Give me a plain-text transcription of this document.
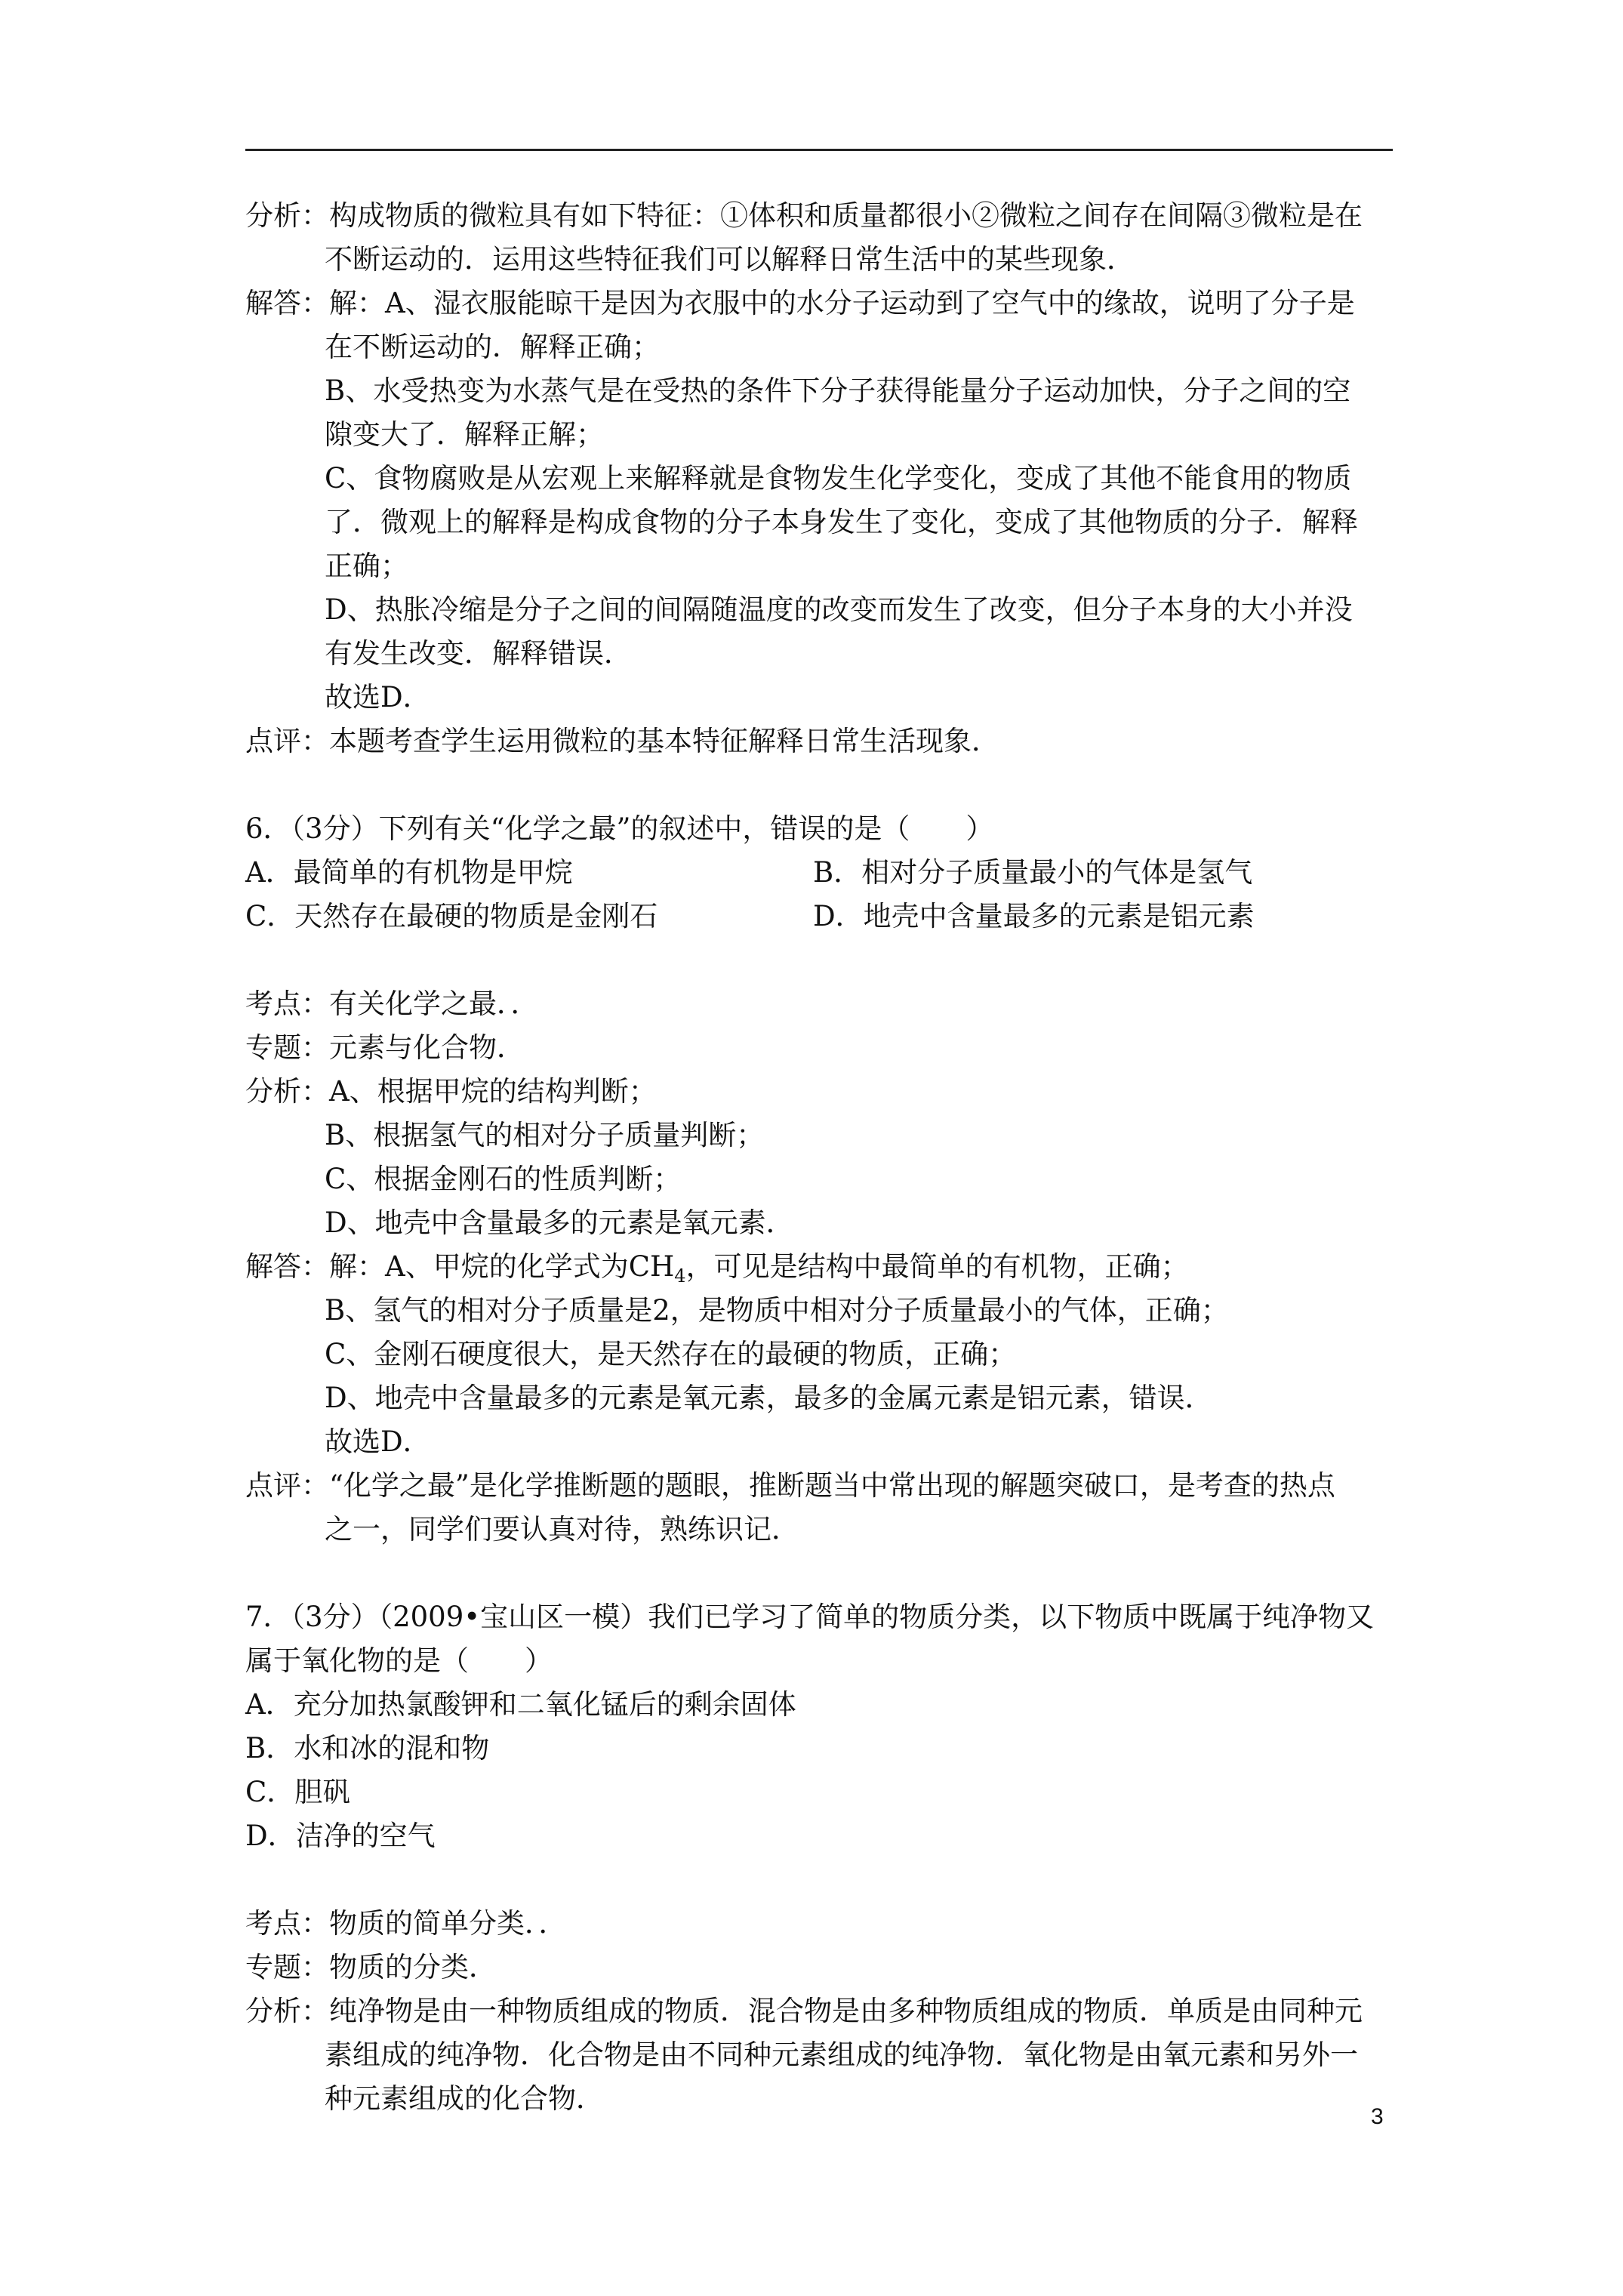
分析：构成物质的微粒具有如下特征：①体积和质量都很小②微粒之间存在间隔③微粒是在
不断运动的．运用这些特征我们可以解释日常生活中的某些现象．
解答：解：A、湿衣服能晾干是因为衣服中的水分子运动到了空气中的缘故，说明了分子是
在不断运动的．解释正确；
B、水受热变为水蒸气是在受热的条件下分子获得能量分子运动加快，分子之间的空
隙变大了．解释正解；
C、食物腐败是从宏观上来解释就是食物发生化学变化，变成了其他不能食用的物质
了．微观上的解释是构成食物的分子本身发生了变化，变成了其他物质的分子．解释
正确；
D、热胀冷缩是分子之间的间隔随温度的改变而发生了改变，但分子本身的大小并没
有发生改变．解释错误．
故选D．
点评：本题考查学生运用微粒的基本特征解释日常生活现象．
6．（3分）下列有关“化学之最”的叙述中，错误的是（　　）
A．最简单的有机物是甲烷	B．相对分子质量最小的气体是氢气
C．天然存在最硬的物质是金刚石	D．地壳中含量最多的元素是铝元素
考点：有关化学之最．．
专题：元素与化合物．
分析：A、根据甲烷的结构判断；
B、根据氢气的相对分子质量判断；
C、根据金刚石的性质判断；
D、地壳中含量最多的元素是氧元素．
解答：解：A、甲烷的化学式为$CH_4$，可见是结构中最简单的有机物，正确；
B、氢气的相对分子质量是2，是物质中相对分子质量最小的气体，正确；
C、金刚石硬度很大，是天然存在的最硬的物质，正确；
D、地壳中含量最多的元素是氧元素，最多的金属元素是铝元素，错误．
故选D．
点评：“化学之最”是化学推断题的题眼，推断题当中常出现的解题突破口，是考查的热点
之一，同学们要认真对待，熟练识记．
7．（3分）（2009•宝山区一模）我们已学习了简单的物质分类，以下物质中既属于纯净物又
属于氧化物的是（　　）
A．充分加热氯酸钾和二氧化锰后的剩余固体
B．水和冰的混和物
C．胆矾
D．洁净的空气
考点：物质的简单分类．．
专题：物质的分类．
分析：纯净物是由一种物质组成的物质．混合物是由多种物质组成的物质．单质是由同种元
素组成的纯净物．化合物是由不同种元素组成的纯净物．氧化物是由氧元素和另外一
种元素组成的化合物．
3
